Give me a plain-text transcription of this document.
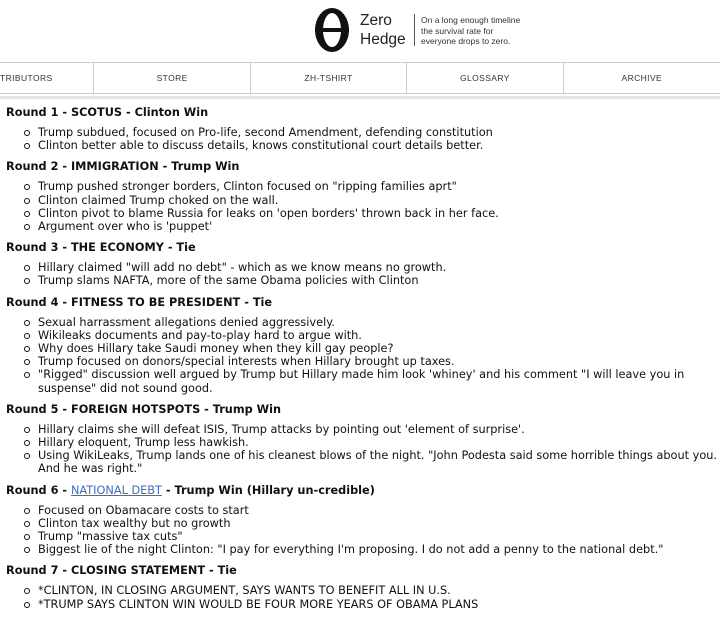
Zero
Hedge
On a long enough timeline the survival rate for everyone drops to zero.
TRIBUTORS	STORE	ZH-TSHIRT	GLOSSARY	ARCHIVE

Round 1 - SCOTUS - Clinton Win

Trump subdued, focused on Pro-life, second Amendment, defending constitution
Clinton better able to discuss details, knows constitutional court details better.

Round 2 - IMMIGRATION - Trump Win

Trump pushed stronger borders, Clinton focused on "ripping families aprt"
Clinton claimed Trump choked on the wall.
Clinton pivot to blame Russia for leaks on 'open borders' thrown back in her face.
Argument over who is 'puppet'

Round 3 - THE ECONOMY - Tie

Hillary claimed "will add no debt" - which as we know means no growth.
Trump slams NAFTA, more of the same Obama policies with Clinton

Round 4 - FITNESS TO BE PRESIDENT - Tie

Sexual harrassment allegations denied aggressively.
Wikileaks documents and pay-to-play hard to argue with.
Why does Hillary take Saudi money when they kill gay people?
Trump focused on donors/special interests when Hillary brought up taxes.
"Rigged" discussion well argued by Trump but Hillary made him look 'whiney' and his comment "I will leave you in suspense" did not sound good.

Round 5 - FOREIGN HOTSPOTS - Trump Win

Hillary claims she will defeat ISIS, Trump attacks by pointing out 'element of surprise'.
Hillary eloquent, Trump less hawkish.
Using WikiLeaks, Trump lands one of his cleanest blows of the night. "John Podesta said some horrible things about you. And he was right."

Round 6 - NATIONAL DEBT - Trump Win (Hillary un-credible)

Focused on Obamacare costs to start
Clinton tax wealthy but no growth
Trump "massive tax cuts"
Biggest lie of the night Clinton: "I pay for everything I'm proposing. I do not add a penny to the national debt."

Round 7 - CLOSING STATEMENT - Tie

*CLINTON, IN CLOSING ARGUMENT, SAYS WANTS TO BENEFIT ALL IN U.S.
*TRUMP SAYS CLINTON WIN WOULD BE FOUR MORE YEARS OF OBAMA PLANS
